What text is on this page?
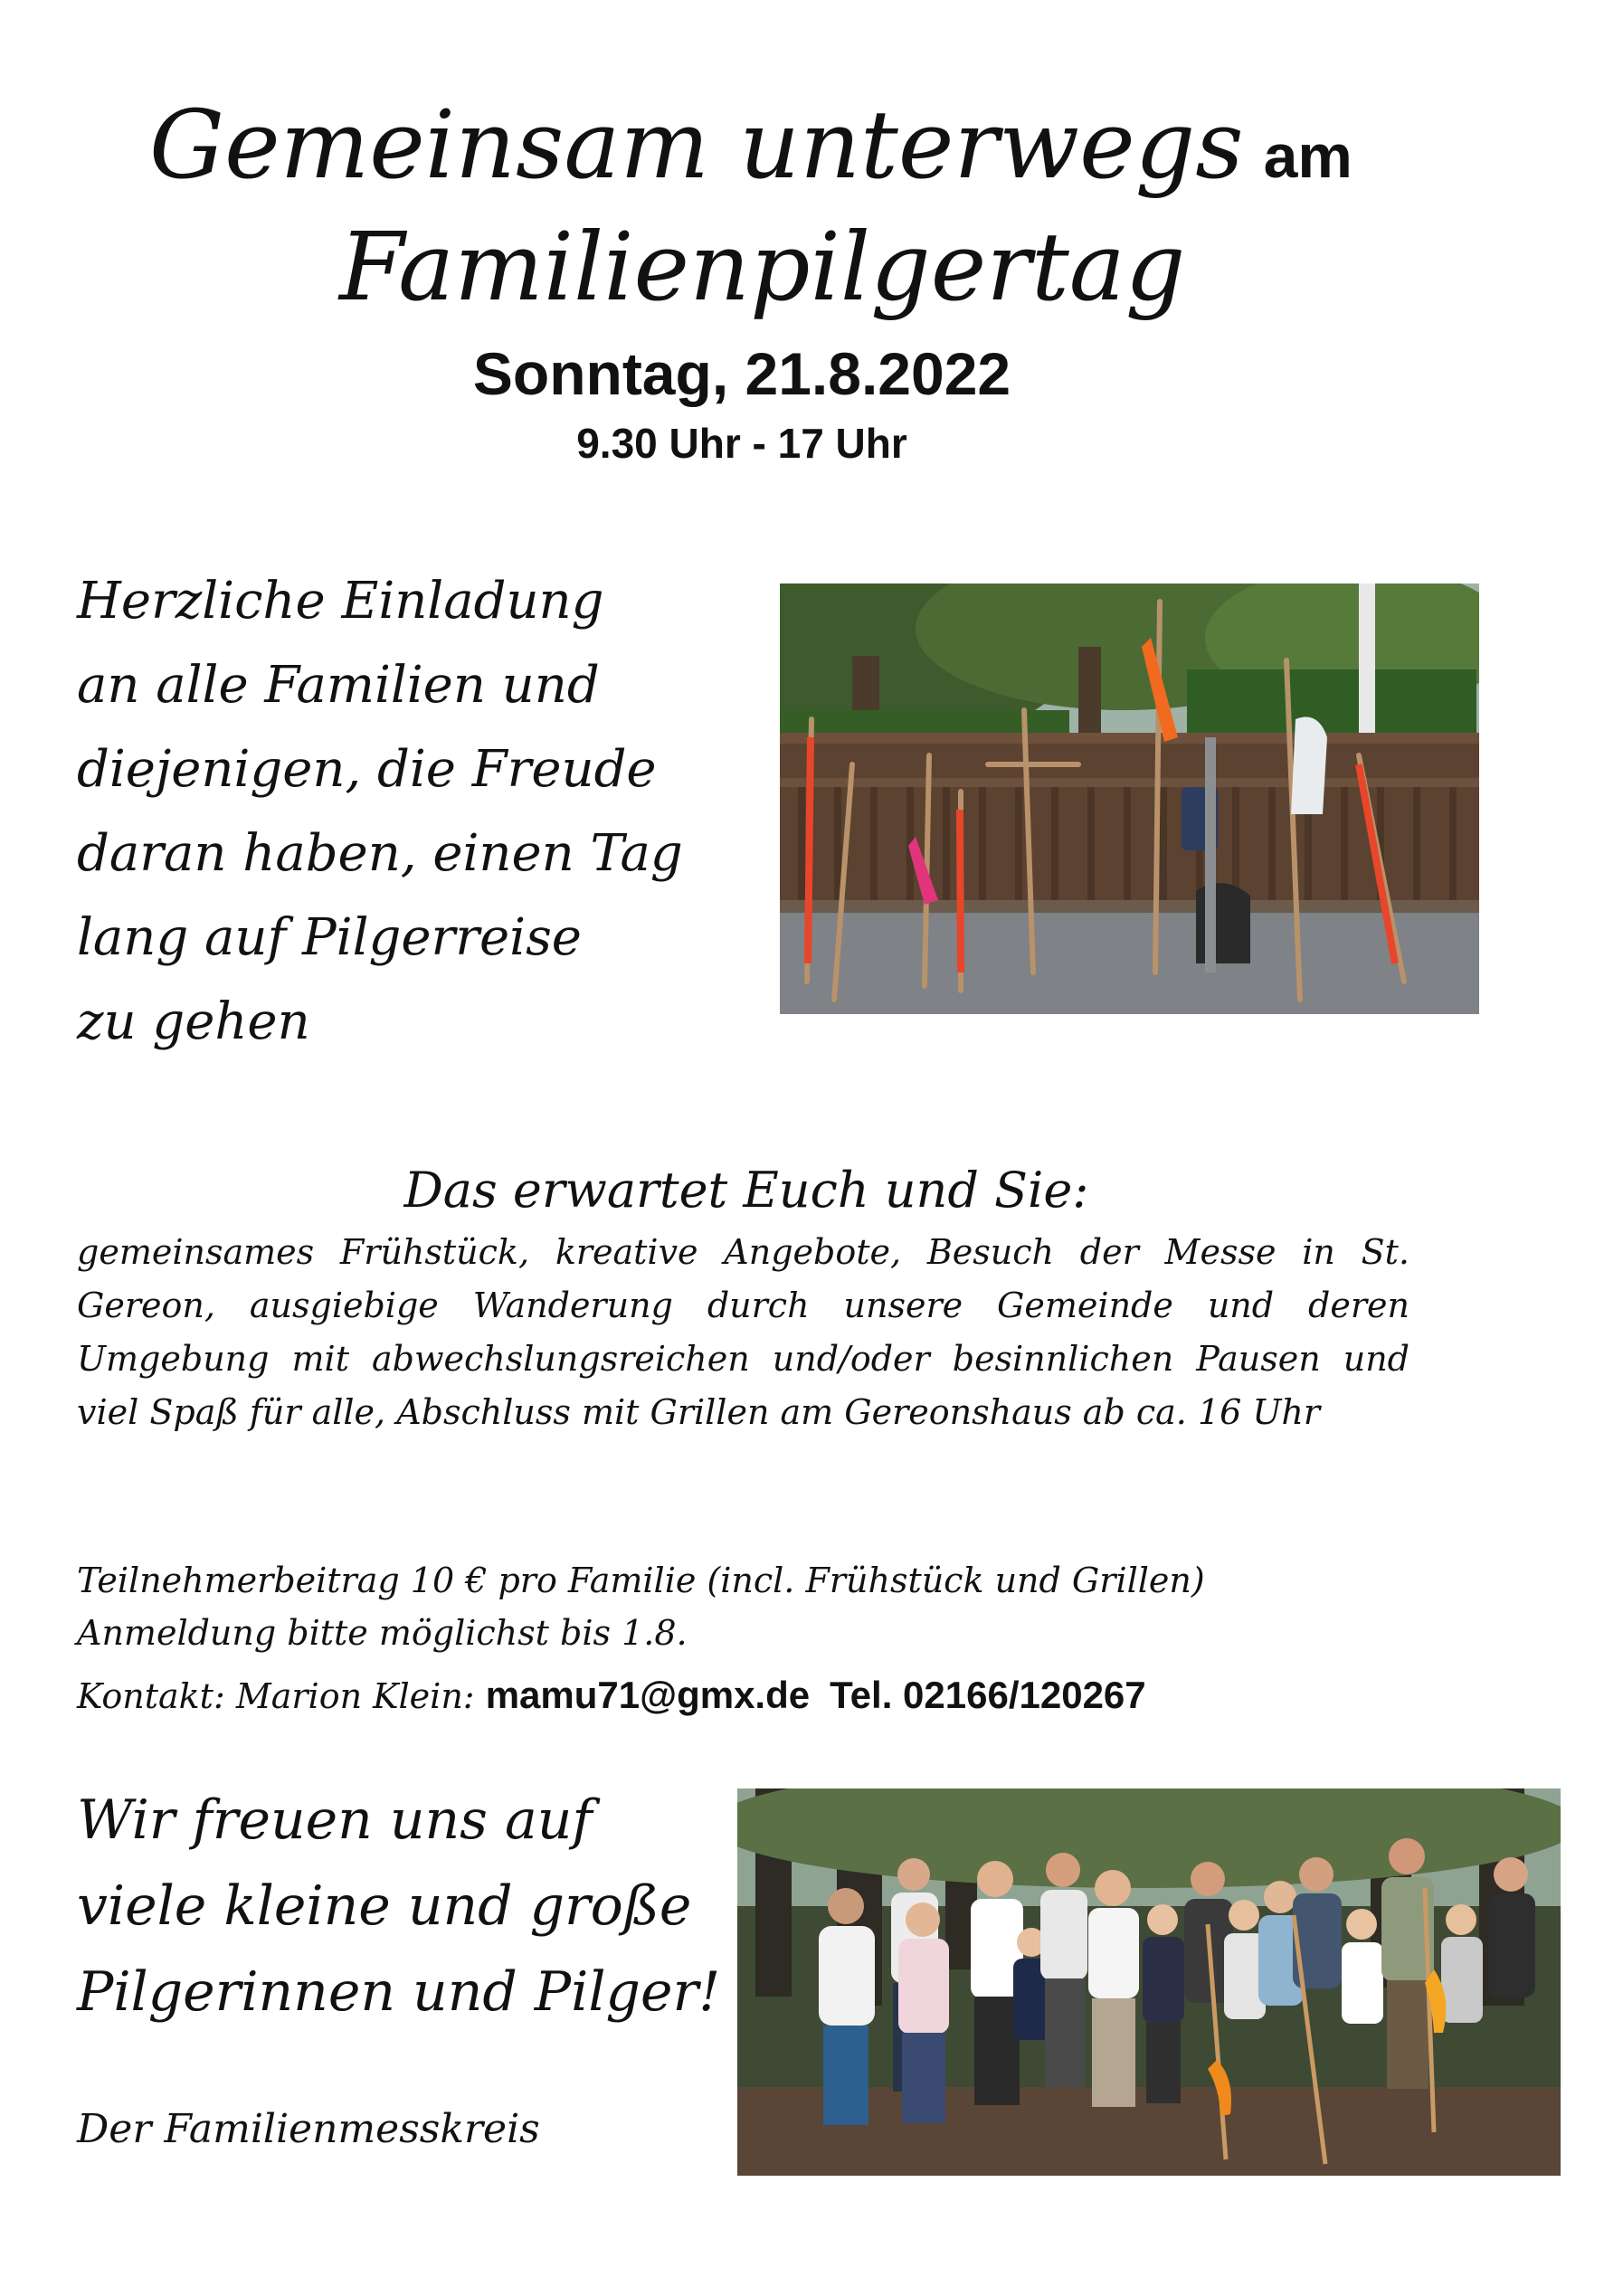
Gemeinsam unterwegs am
Familienpilgertag
Sonntag, 21.8.2022
9.30 Uhr - 17 Uhr
Herzliche Einladung
an alle Familien und
diejenigen, die Freude
daran haben, einen Tag
lang auf Pilgerreise
zu gehen
Das erwartet Euch und Sie:
gemeinsames Frühstück, kreative Angebote, Besuch der Messe in St. Gereon, ausgiebige Wanderung durch unsere Gemeinde und deren Umgebung mit abwechslungsreichen und/oder besinnlichen Pausen und viel Spaß für alle, Abschluss mit Grillen am Gereonshaus ab ca. 16 Uhr
Teilnehmerbeitrag 10 € pro Familie (incl. Frühstück und Grillen)
Anmeldung bitte möglichst bis 1.8.
Kontakt: Marion Klein: mamu71@gmx.de Tel. 02166/120267
Wir freuen uns auf
viele kleine und große
Pilgerinnen und Pilger!
Der Familienmesskreis
